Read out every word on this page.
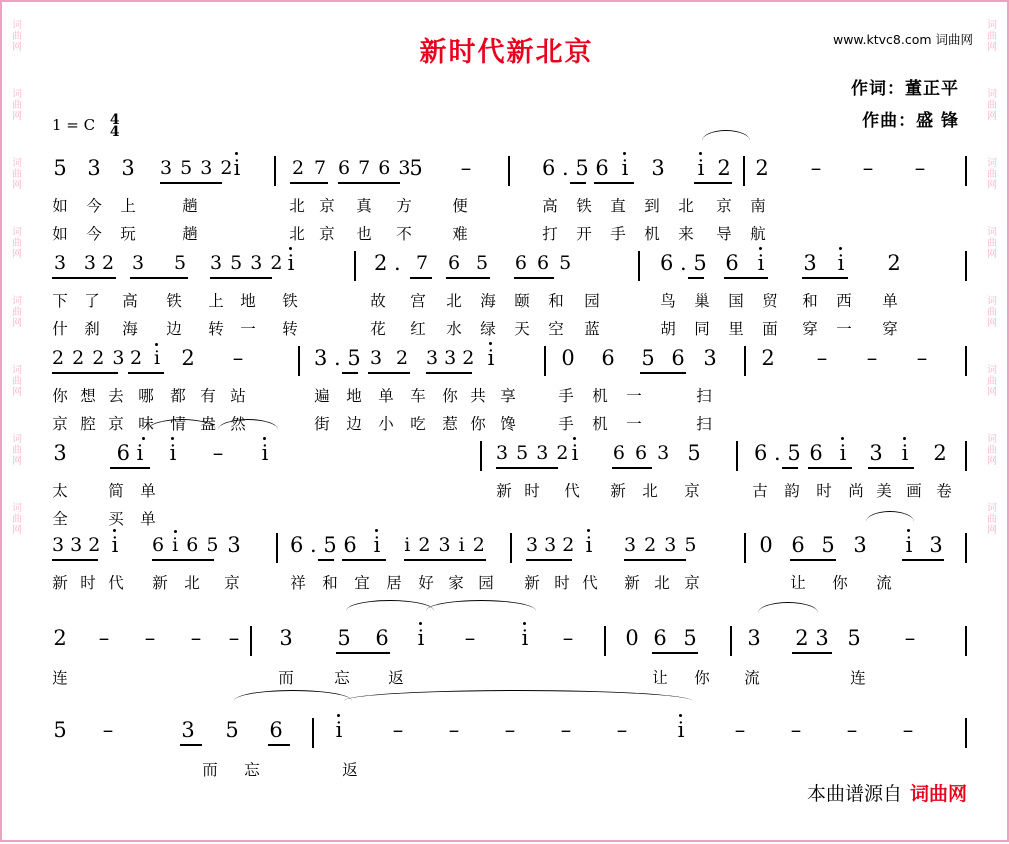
词
曲
网
词
曲
网
词
曲
网
词
曲
网
词
曲
网
词
曲
网
词
曲
网
词
曲
网
词
曲
网
词
曲
网
词
曲
网
词
曲
网
词
曲
网
词
曲
网
词
曲
网
词
曲
网
新时代新北京	www.ktvc8.com 词曲网
作词：董正平
作曲：盛 锋
1 = C 4
4
5 3 3 3 5 3 2 i	2 7 6 7 6 3
5 –	6 . 5 6 i 3 i 2 2 – – –
如 今 上	趟	北 京 真 方	便	高 铁 直 到 北 京 南
如 今 玩	趟	北 京 也 不	难	打 开 手 机 来 导 航
3 3 2 3 5 3 5 3 2 i	2 . 7 6 5 6 6 5	6 . 5 6 i 3 i 2
下 了 高 铁 上 地 铁	故 宫 北 海 颐 和 园	鸟 巢 国 贸 和 西 单
什 刹 海 边 转 一 转	花 红 水 绿 天 空 蓝	胡 同 里 面 穿 一 穿
2 2 2 3 2 i 2 –	3 . 5 3 2 3 3 2 i	0 6 5 6 3 2 – – –
你 想 去 哪 都 有 站	遍 地 单 车 你 共 享	手 机 一	扫
京 腔 京 味 情 盎 然	街 边 小 吃 惹 你 馋	手 机 一	扫
3	6 i	i – i	3 5 3 2 i 6 6 3 5	6 . 5 6 i 3 i 2
太	简 单	新 时 代 新 北 京	古 韵 时 尚 美 画 卷
全	买 单
3 3 2 i 6 i 6 5 3 6 . 5 6 i i 2 3 i 2 3 3 2 i 3 2 3 5	0 6 5 3 i 3
新 时 代 新 北 京	祥 和 宜 居 好 家 园 新 时 代 新 北 京	让 你 流
2 – – – – 3 5 6 i – i – 0 6 5 3 2 3 5 –
连	而	忘 返	让 你 流	连
5 –	3 5 6	i – – – – – i – – – –
而 忘	返
本曲谱源自 词曲网
